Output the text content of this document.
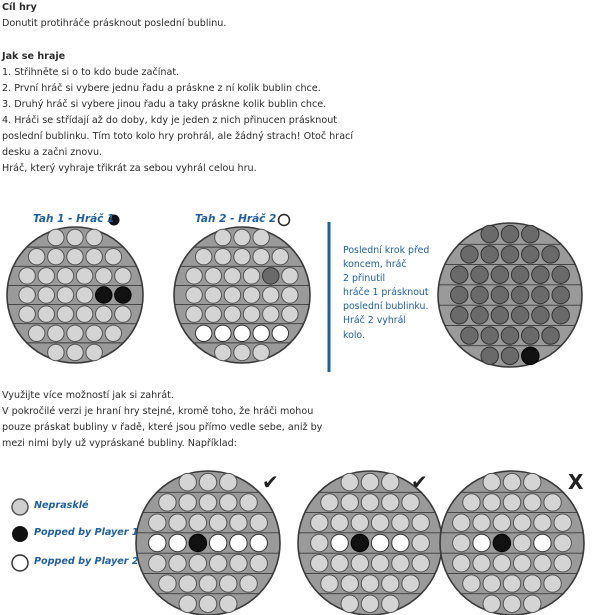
Cíl hry
Donutit protihráče prásknout poslední bublinu.
Jak se hraje
1. Střihněte si o to kdo bude začínat.
2. První hráč si vybere jednu řadu a práskne z ní kolik bublin chce.
3. Druhý hráč si vybere jinou řadu a taky práskne kolik bublin chce.
4. Hráči se střídají až do doby, kdy je jeden z nich přinucen prásknout
poslední bublinku. Tím toto kolo hry prohrál, ale žádný strach! Otoč hrací
desku a začni znovu.
Hráč, který vyhraje třikrát za sebou vyhrál celou hru.
Tah 1 - Hráč 1	Tah 2 - Hráč 2
Poslední krok před
koncem, hráč
2 přinutil
hráče 1 prásknout
poslední bublinku.
Hráč 2 vyhrál
kolo.
Využijte více možností jak si zahrát.
V pokročilé verzi je hraní hry stejné, kromě toho, že hráči mohou
pouze práskat bubliny v řadě, které jsou přímo vedle sebe, aniž by
mezi nimi byly už vypráskané bubliny. Například:
Neprasklé
Popped by Player 1
Popped by Player 2
✔	✔	X
